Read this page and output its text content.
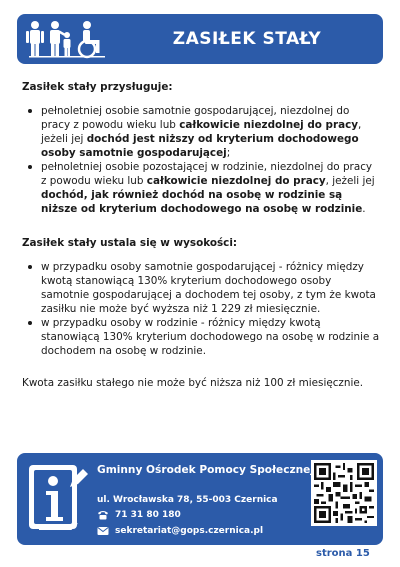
ZASIŁEK STAŁY
Zasiłek stały przysługuje:
pełnoletniej osobie samotnie gospodarującej, niezdolnej do pracy z powodu wieku lub całkowicie niezdolnej do pracy, jeżeli jej dochód jest niższy od kryterium dochodowego osoby samotnie gospodarującej;
pełnoletniej osobie pozostającej w rodzinie, niezdolnej do pracy z powodu wieku lub całkowicie niezdolnej do pracy, jeżeli jej dochód, jak również dochód na osobę w rodzinie są niższe od kryterium dochodowego na osobę w rodzinie.
Zasiłek stały ustala się w wysokości:
w przypadku osoby samotnie gospodarującej - różnicy między kwotą stanowiącą 130% kryterium dochodowego osoby samotnie gospodarującej a dochodem tej osoby, z tym że kwota zasiłku nie może być wyższa niż 1 229 zł miesięcznie.
w przypadku osoby w rodzinie - różnicy między kwotą stanowiącą 130% kryterium dochodowego na osobę w rodzinie a dochodem na osobę w rodzinie.
Kwota zasiłku stałego nie może być niższa niż 100 zł miesięcznie.
Gminny Ośrodek Pomocy Społecznej
ul. Wrocławska 78, 55-003 Czernica
71 31 80 180
sekretariat@gops.czernica.pl
strona 15
